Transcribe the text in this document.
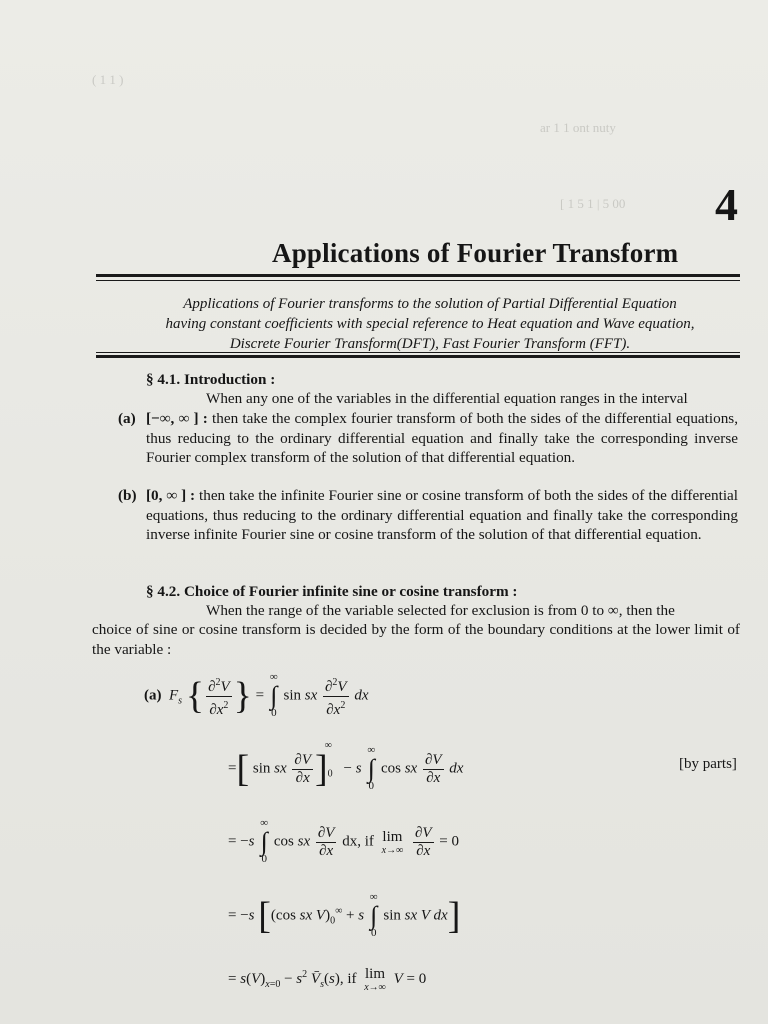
( 1 1 )
ar 1 1 ont nuty
[ 1 5 1 | 5 00 4
Applications of Fourier Transform
Applications of Fourier transforms to the solution of Partial Differential Equation
having constant coefficients with special reference to Heat equation and Wave equation,
Discrete Fourier Transform(DFT), Fast Fourier Transform (FFT).
§ 4.1. Introduction :
When any one of the variables in the differential equation ranges in the interval
(a) [−∞, ∞ ] : then take the complex fourier transform of both the sides of the differential equations, thus reducing to the ordinary differential equation and finally take the corresponding inverse Fourier complex transform of the solution of that differential equation.
(b) [0, ∞ ] : then take the infinite Fourier sine or cosine transform of both the sides of the differential equations, thus reducing to the ordinary differential equation and finally take the corresponding inverse infinite Fourier sine or cosine transform of the solution of that differential equation.
§ 4.2. Choice of Fourier infinite sine or cosine transform :
When the range of the variable selected for exclusion is from 0 to ∞, then the
choice of sine or cosine transform is decided by the form of the boundary conditions at the lower limit of the variable :
(a) $F_s$ { $\frac{\partial^2V}{\partial x^2}$ } =
∞
∫
0
sin sx $\frac{\partial^2V}{\partial x^2}$ dx
=[ sin sx $\frac{\partial V}{\partial x} ]_0^\infty - s$
∞
∫
0
cos sx $\frac{\partial V}{\partial x}$ dx	[by parts]
= −s
∞
∫
0
cos sx $\frac{\partial V}{\partial x}$ dx, if lim
x→∞
$\frac{\partial V}{\partial x} = 0$
= −s [(cos sx $V)_0^\infty + s$
∞
∫
0
sin sx V dx]
= $s(V)_{x=0} - s^2$ $V̄_s(s)$, if lim
x→∞
V = 0
